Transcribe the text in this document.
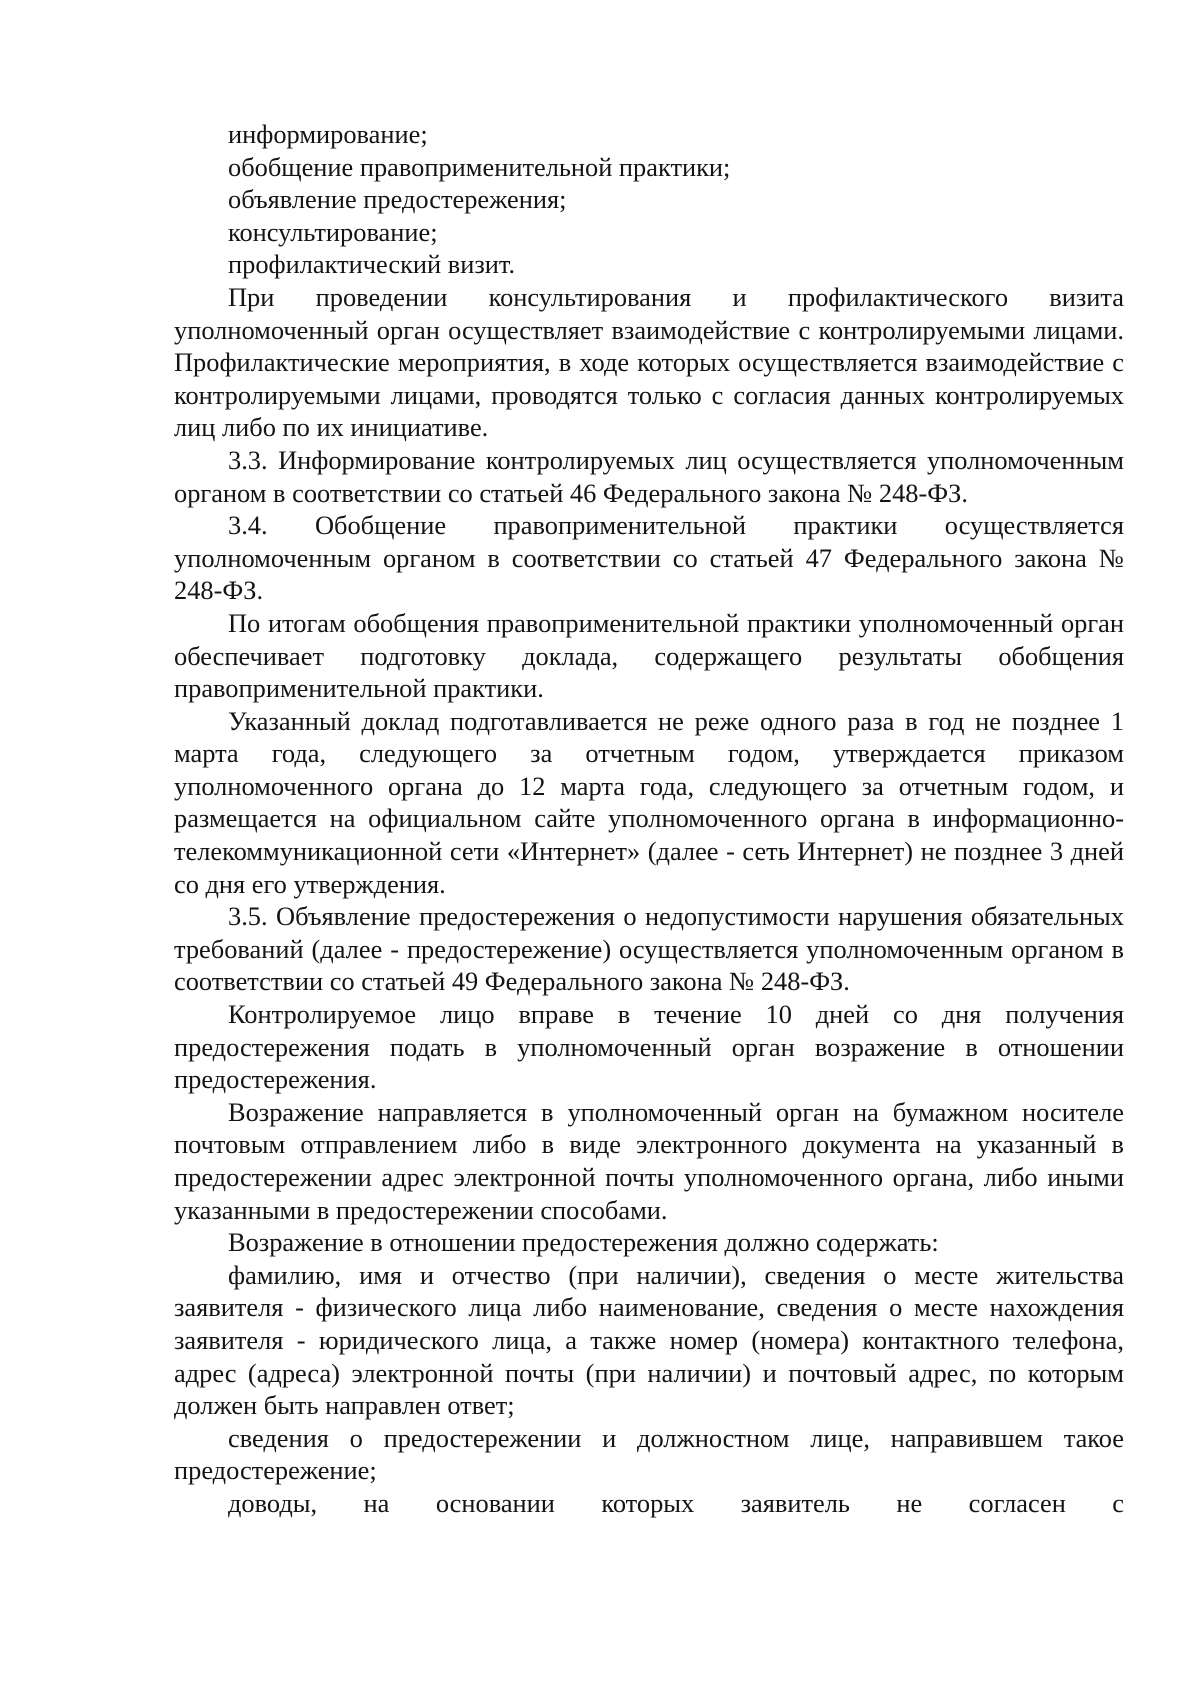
информирование;

обобщение правоприменительной практики;

объявление предостережения;

консультирование;

профилактический визит.

При проведении консультирования и профилактического визита уполномоченный орган осуществляет взаимодействие с контролируемыми лицами. Профилактические мероприятия, в ходе которых осуществляется взаимодействие с контролируемыми лицами, проводятся только с согласия данных контролируемых лиц либо по их инициативе.

3.3. Информирование контролируемых лиц осуществляется уполномоченным органом в соответствии со статьей 46 Федерального закона № 248-ФЗ.

3.4. Обобщение правоприменительной практики осуществляется уполномоченным органом в соответствии со статьей 47 Федерального закона № 248-ФЗ.

По итогам обобщения правоприменительной практики уполномоченный орган обеспечивает подготовку доклада, содержащего результаты обобщения правоприменительной практики.

Указанный доклад подготавливается не реже одного раза в год не позднее 1 марта года, следующего за отчетным годом, утверждается приказом уполномоченного органа до 12 марта года, следующего за отчетным годом, и размещается на официальном сайте уполномоченного органа в информационно-телекоммуникационной сети «Интернет» (далее - сеть Интернет) не позднее 3 дней со дня его утверждения.

3.5. Объявление предостережения о недопустимости нарушения обязательных требований (далее - предостережение) осуществляется уполномоченным органом в соответствии со статьей 49 Федерального закона № 248-ФЗ.

Контролируемое лицо вправе в течение 10 дней со дня получения предостережения подать в уполномоченный орган возражение в отношении предостережения.

Возражение направляется в уполномоченный орган на бумажном носителе почтовым отправлением либо в виде электронного документа на указанный в предостережении адрес электронной почты уполномоченного органа, либо иными указанными в предостережении способами.

Возражение в отношении предостережения должно содержать:

фамилию, имя и отчество (при наличии), сведения о месте жительства заявителя - физического лица либо наименование, сведения о месте нахождения заявителя - юридического лица, а также номер (номера) контактного телефона, адрес (адреса) электронной почты (при наличии) и почтовый адрес, по которым должен быть направлен ответ;

сведения о предостережении и должностном лице, направившем такое предостережение;

доводы, на основании которых заявитель не согласен с
